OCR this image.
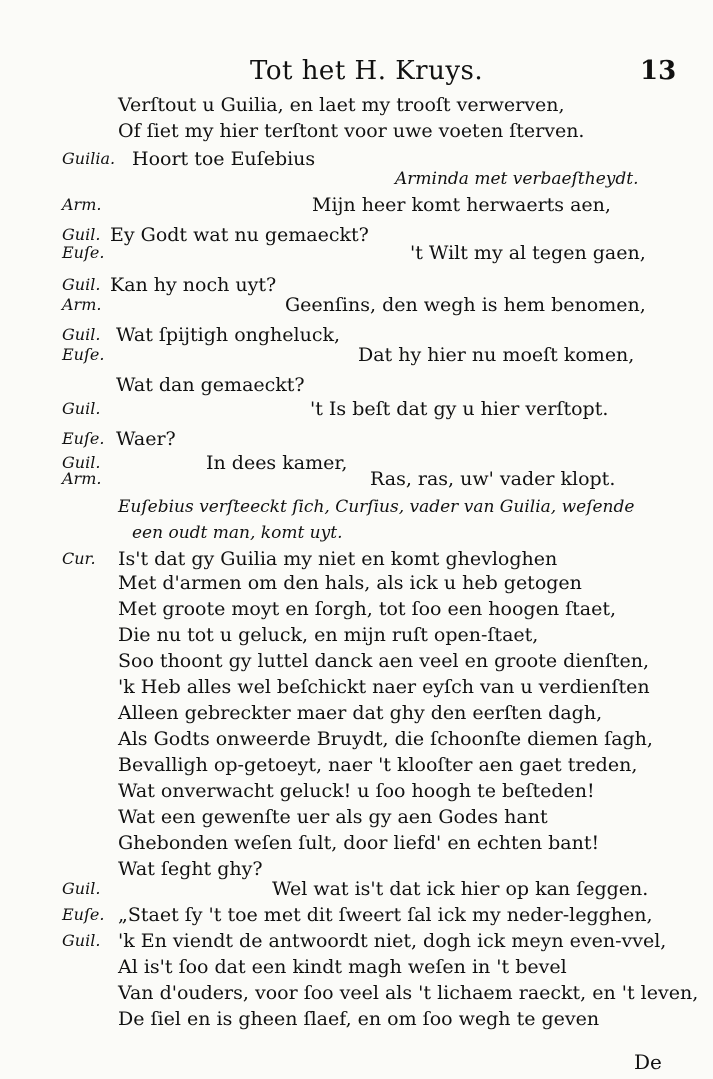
Tot het H. Kruys.	13
Verſtout u Guilia, en laet my trooſt verwerven,
Of ſiet my hier terſtont voor uwe voeten ſterven.
Guilia. Hoort toe Euſebius
Arminda met verbaeſtheydt.
Arm.	Mijn heer komt herwaerts aen,
Guil. Ey Godt wat nu gemaeckt?
Euſe.	't Wilt my al tegen gaen,
Guil. Kan hy noch uyt?
Arm.	Geenſins, den wegh is hem benomen,
Guil. Wat ſpijtigh ongheluck,
Euſe.	Dat hy hier nu moeſt komen,
Wat dan gemaeckt?
Guil.	't Is beſt dat gy u hier verſtopt.
Euſe. Waer?
Guil.	In dees kamer,
Arm.	Ras, ras, uw' vader klopt.
Euſebius verſteeckt ſich, Curſius, vader van Guilia, weſende
een oudt man, komt uyt.
Cur. Is't dat gy Guilia my niet en komt ghevloghen
Met d'armen om den hals, als ick u heb getogen
Met groote moyt en ſorgh, tot ſoo een hoogen ſtaet,
Die nu tot u geluck, en mijn ruſt open-ſtaet,
Soo thoont gy luttel danck aen veel en groote dienſten,
'k Heb alles wel beſchickt naer eyſch van u verdienſten
Alleen gebreckter maer dat ghy den eerſten dagh,
Als Godts onweerde Bruydt, die ſchoonſte diemen ſagh,
Bevalligh op-getoeyt, naer 't klooſter aen gaet treden,
Wat onverwacht geluck! u ſoo hoogh te beſteden!
Wat een gewenſte uer als gy aen Godes hant
Ghebonden weſen ſult, door liefd' en echten bant!
Wat ſeght ghy?
Guil.	Wel wat is't dat ick hier op kan ſeggen.
Euſe. „Staet ſy 't toe met dit ſweert ſal ick my neder-legghen,
Guil. 'k En viendt de antwoordt niet, dogh ick meyn even-vvel,
Al is't ſoo dat een kindt magh weſen in 't bevel
Van d'ouders, voor ſoo veel als 't lichaem raeckt, en 't leven,
De ſiel en is gheen ſlaef, en om ſoo wegh te geven
De
